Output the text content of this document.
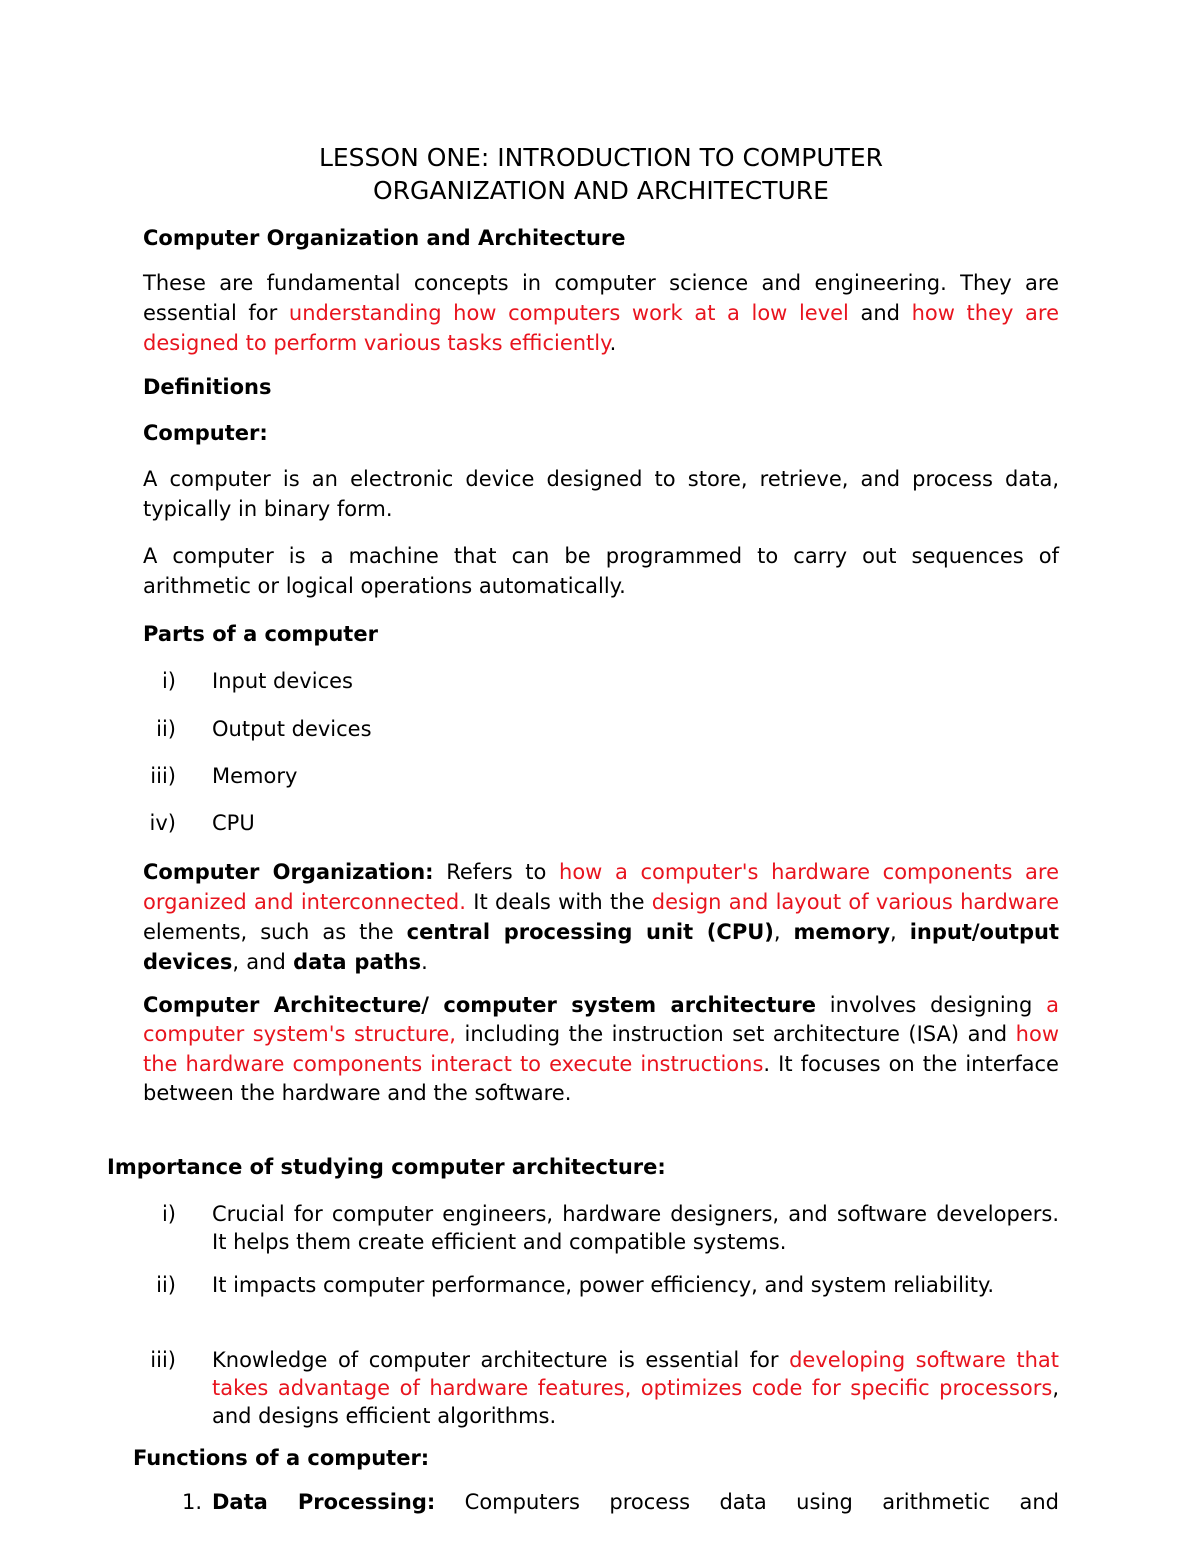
LESSON ONE: INTRODUCTION TO COMPUTER
ORGANIZATION AND ARCHITECTURE
Computer Organization and Architecture

These are fundamental concepts in computer science and engineering. They are essential for understanding how computers work at a low level and how they are designed to perform various tasks efficiently.

Definitions
Computer:

A computer is an electronic device designed to store, retrieve, and process data, typically in binary form.

A computer is a machine that can be programmed to carry out sequences of arithmetic or logical operations automatically.

Parts of a computer
i) Input devices
ii) Output devices
iii) Memory
iv) CPU

Computer Organization: Refers to how a computer's hardware components are organized and interconnected. It deals with the design and layout of various hardware elements, such as the central processing unit (CPU), memory, input/output devices, and data paths.

Computer Architecture/ computer system architecture involves designing a computer system's structure, including the instruction set architecture (ISA) and how the hardware components interact to execute instructions. It focuses on the interface between the hardware and the software.

Importance of studying computer architecture:
i) Crucial for computer engineers, hardware designers, and software developers. It helps them create efficient and compatible systems.
ii) It impacts computer performance, power efficiency, and system reliability.
iii) Knowledge of computer architecture is essential for developing software that takes advantage of hardware features, optimizes code for specific processors, and designs efficient algorithms.
Functions of a computer:
1. Data Processing: Computers process data using arithmetic and
